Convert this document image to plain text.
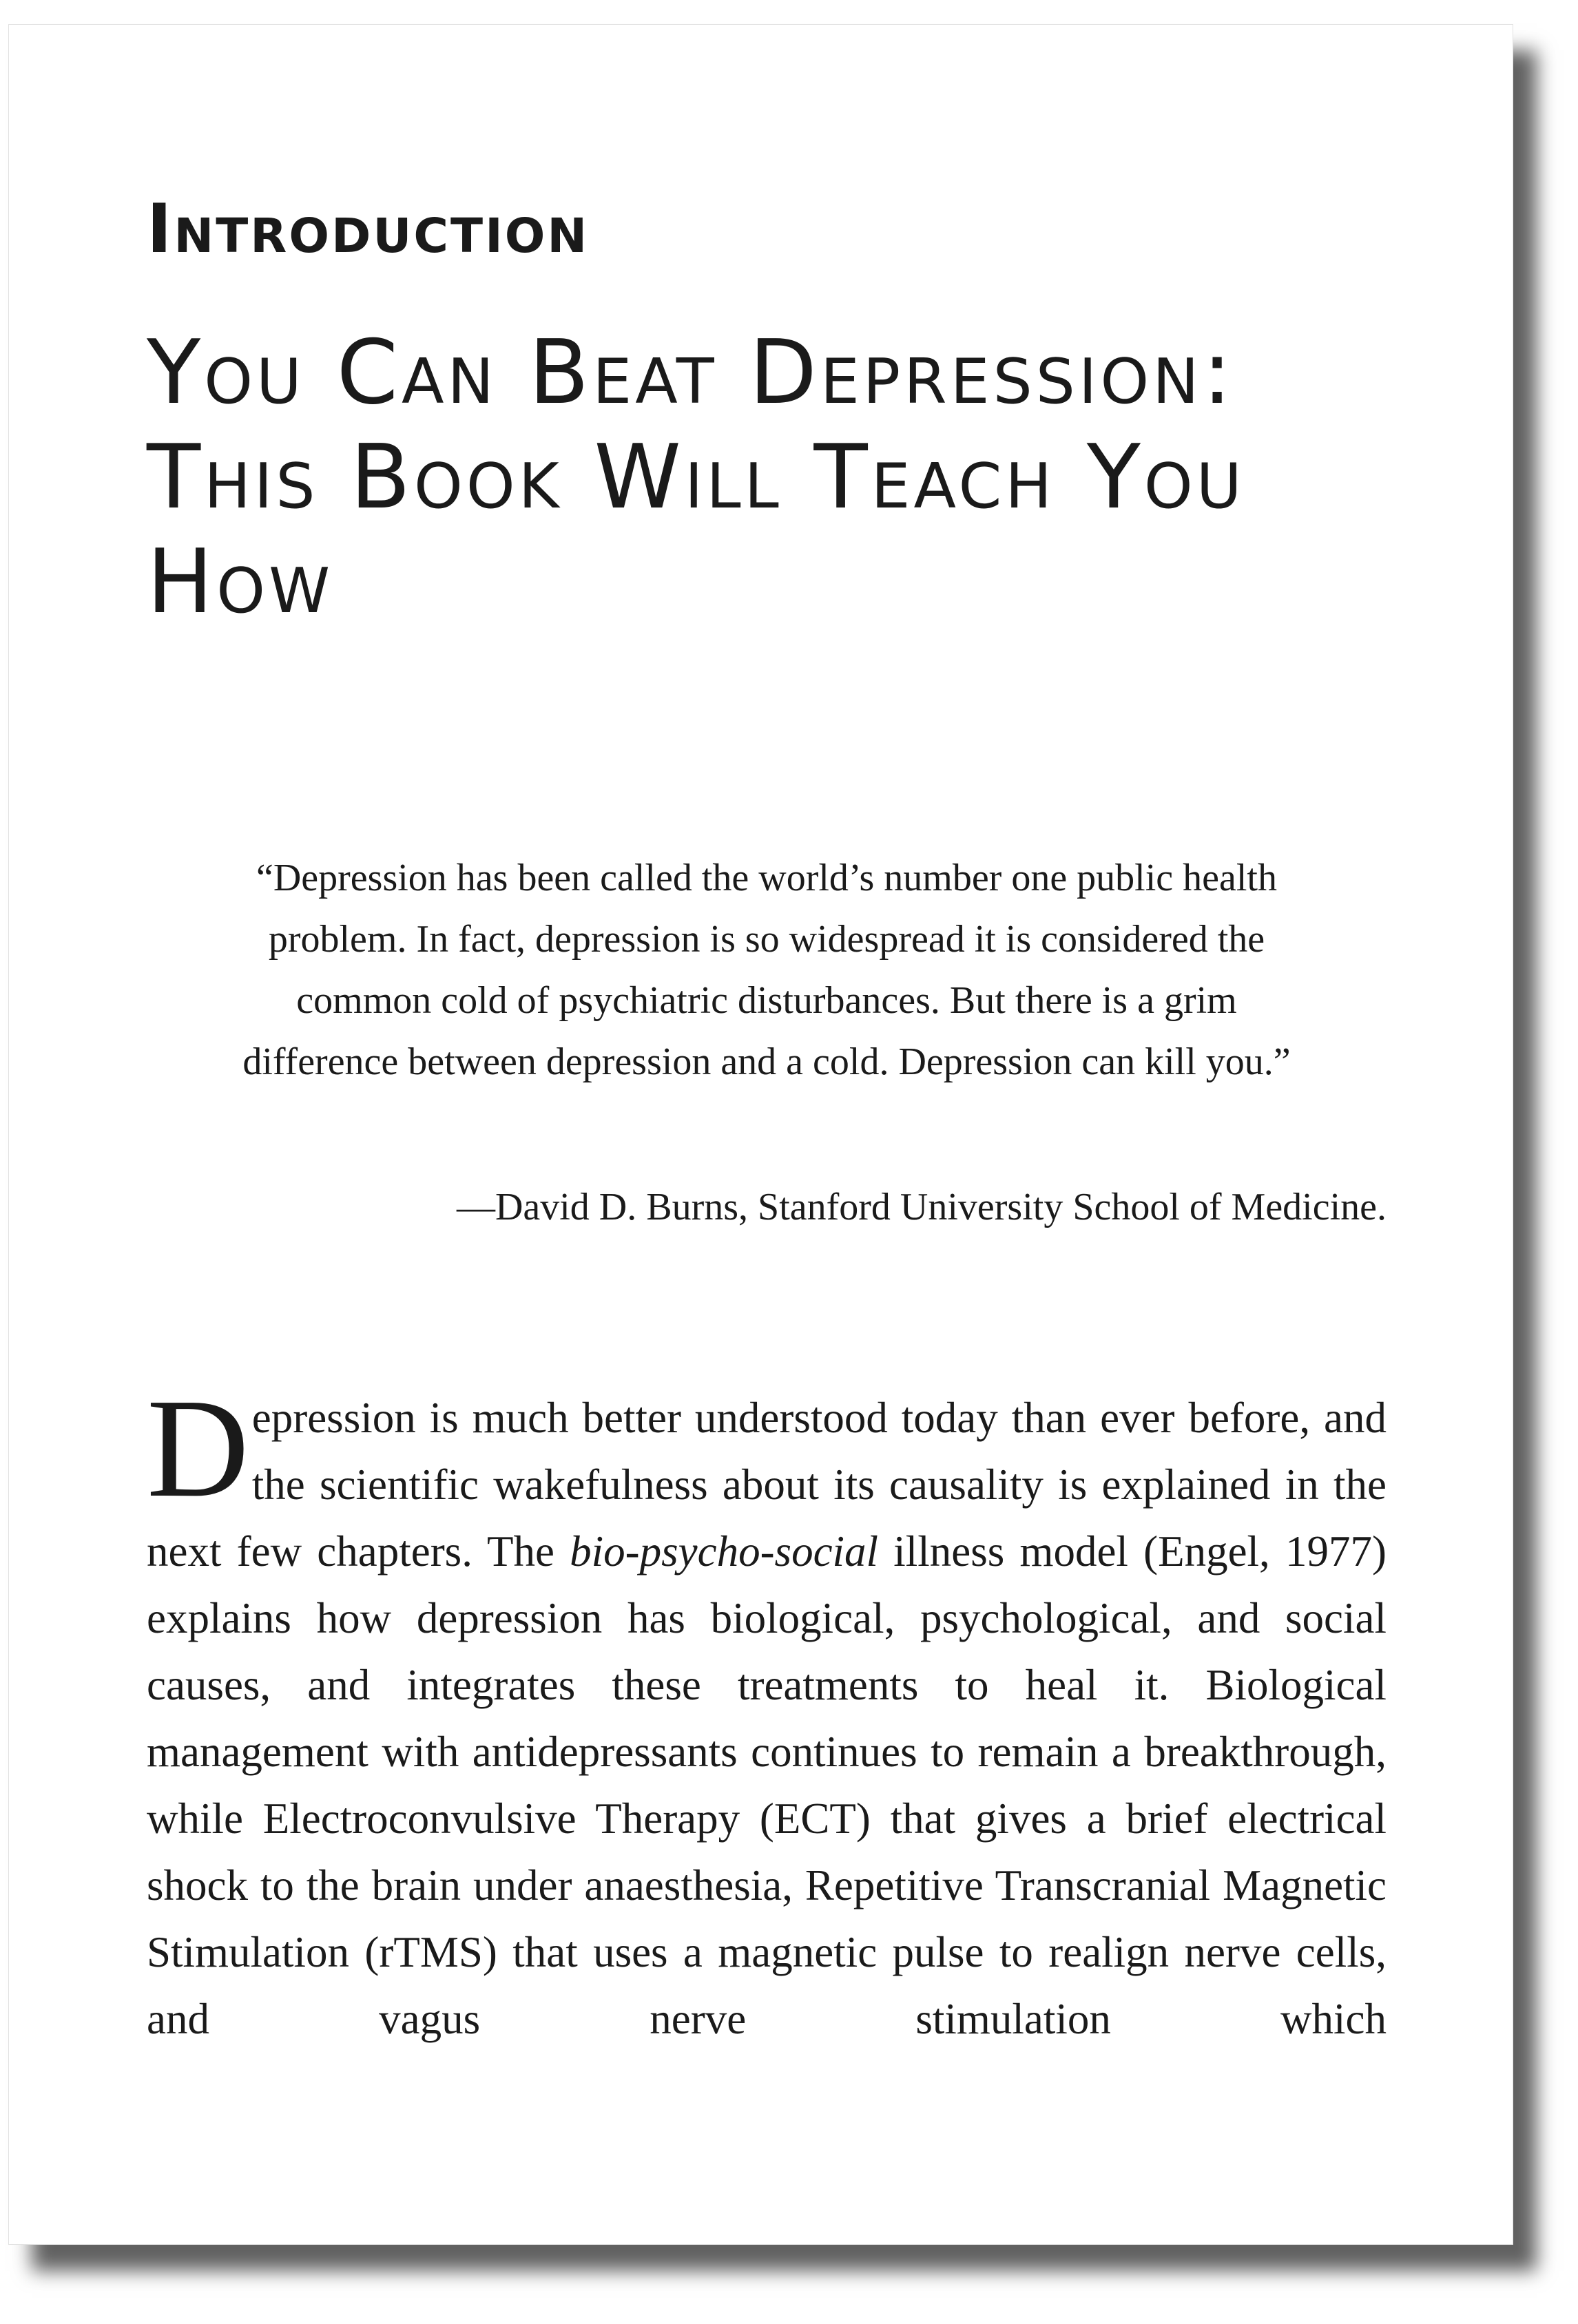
Introduction
You Can Beat Depression: This Book Will Teach You How
“Depression has been called the world’s number one public health problem. In fact, depression is so widespread it is considered the common cold of psychiatric disturbances. But there is a grim difference between depression and a cold. Depression can kill you.”

—David D. Burns, Stanford University School of Medicine.

Depression is much better understood today than ever before, and the scientific wakefulness about its causality is explained in the next few chapters. The bio-psycho-social illness model (Engel, 1977) explains how depression has biological, psychological, and social causes, and integrates these treatments to heal it. Biological management with antidepressants continues to remain a breakthrough, while Electroconvulsive Therapy (ECT) that gives a brief electrical shock to the brain under anaesthesia, Repetitive Transcranial Magnetic Stimulation (rTMS) that uses a magnetic pulse to realign nerve cells, and vagus nerve stimulation which
